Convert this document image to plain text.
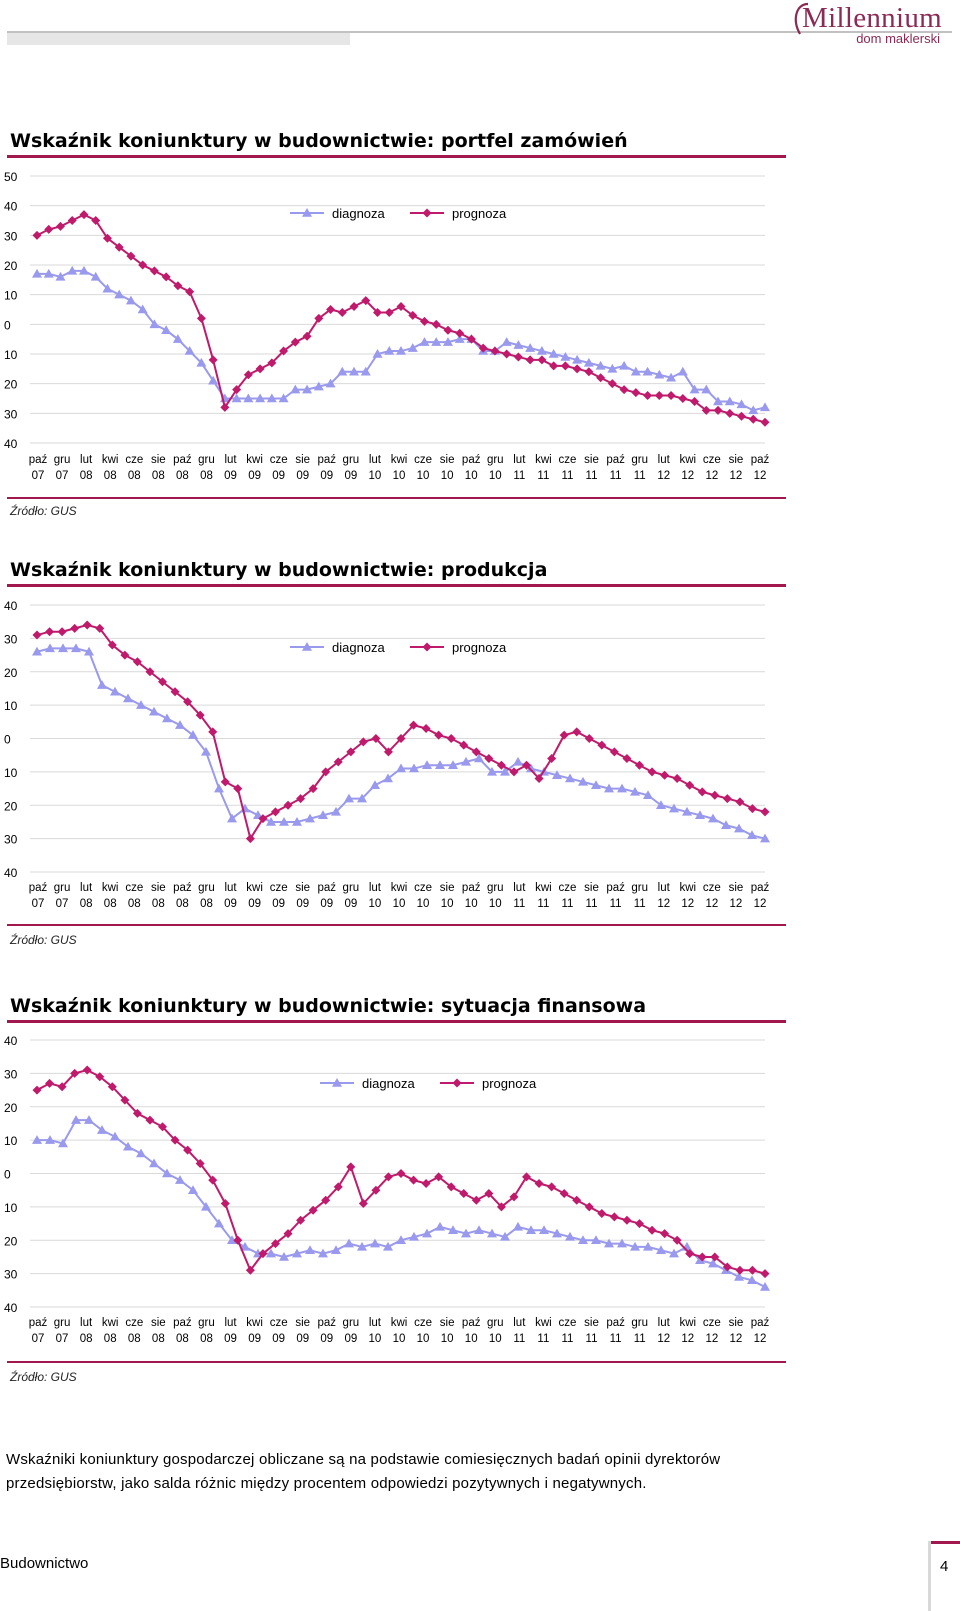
Millennium
dom maklerski
Wskaźnik koniunktury w budownictwie: portfel zamówień
50
40
30
20
10
0
10
20
30
40
paź
07
gru
07
lut
08
kwi
08
cze
08
sie
08
paź
08
gru
08
lut
09
kwi
09
cze
09
sie
09
paź
09
gru
09
lut
10
kwi
10
cze
10
sie
10
paź
10
gru
10
lut
11
kwi
11
cze
11
sie
11
paź
11
gru
11
lut
12
kwi
12
cze
12
sie
12
paź
12
diagnoza	prognoza
Źródło: GUS
Wskaźnik koniunktury w budownictwie: produkcja
40
30
20
10
0
10
20
30
40
paź
07
gru
07
lut
08
kwi
08
cze
08
sie
08
paź
08
gru
08
lut
09
kwi
09
cze
09
sie
09
paź
09
gru
09
lut
10
kwi
10
cze
10
sie
10
paź
10
gru
10
lut
11
kwi
11
cze
11
sie
11
paź
11
gru
11
lut
12
kwi
12
cze
12
sie
12
paź
12
diagnoza	prognoza
Źródło: GUS
Wskaźnik koniunktury w budownictwie: sytuacja finansowa
40
30
20
10
0
10
20
30
40
paź
07
gru
07
lut
08
kwi
08
cze
08
sie
08
paź
08
gru
08
lut
09
kwi
09
cze
09
sie
09
paź
09
gru
09
lut
10
kwi
10
cze
10
sie
10
paź
10
gru
10
lut
11
kwi
11
cze
11
sie
11
paź
11
gru
11
lut
12
kwi
12
cze
12
sie
12
paź
12
diagnoza	prognoza
Źródło: GUS
Wskaźniki koniunktury gospodarczej obliczane są na podstawie comiesięcznych badań opinii dyrektorów przedsiębiorstw, jako salda różnic między procentem odpowiedzi pozytywnych i negatywnych.
Budownictwo	4
